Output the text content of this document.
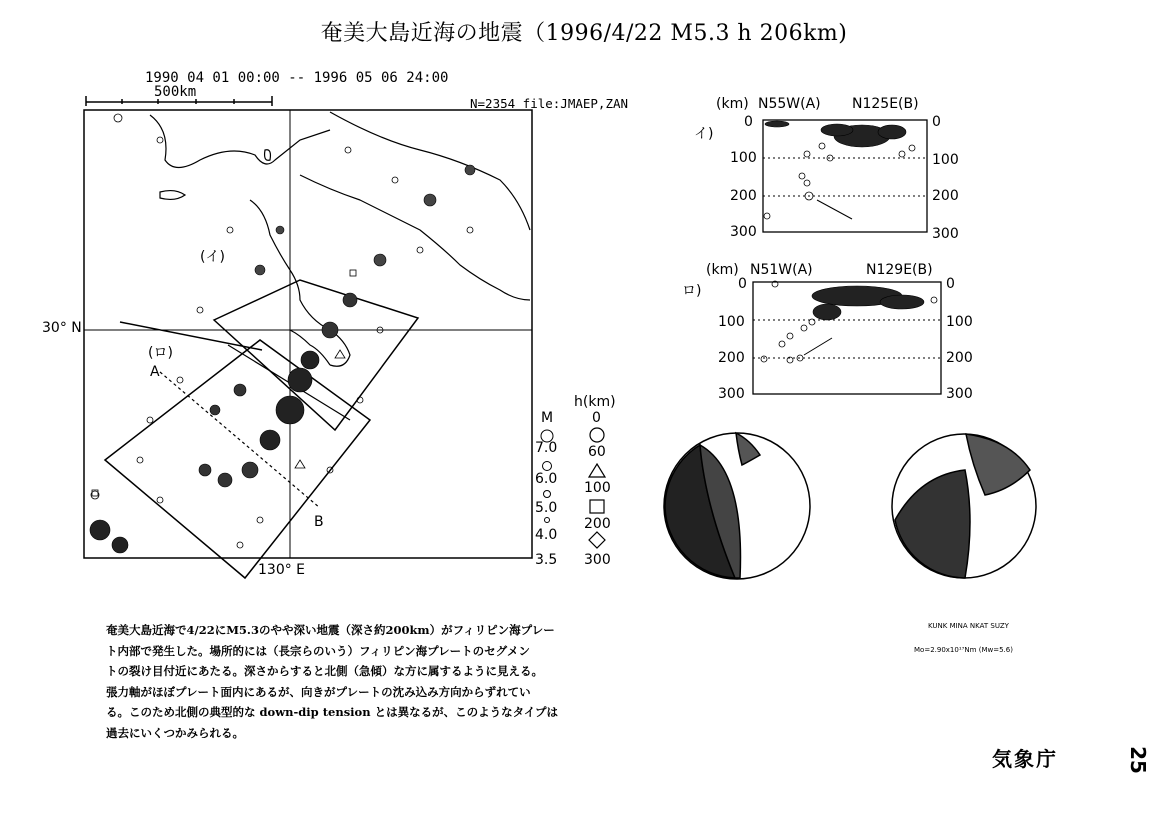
奄美大島近海の地震（1996/4/22 M5.3 h 206km)
1990 04 01 00:00 -- 1996 05 06 24:00
500km
N=2354 file:JMAEP,ZAN
30° N
130° E
(イ)
(ロ)
A
B
M
7.0
6.0
5.0
4.0
3.5
h(km)
0
60
100
200
300
(km) N55W(A) N125E(B)
イ)
0
100
200
300
0
100
200
300
(km) N51W(A)	N129E(B)
ロ)	0
100
200
300
0
100
200
300
KUNK MINA NKAT SUZY
Mo=2.90x10¹⁷Nm (Mw=5.6)
奄美大島近海で4/22にM5.3のやや深い地震（深さ約200km）がフィリピン海プレー
ト内部で発生した。場所的には（長宗らのいう）フィリピン海プレートのセグメン
トの裂け目付近にあたる。深さからすると北側（急傾）な方に属するように見える。
張力軸がほぼプレート面内にあるが、向きがプレートの沈み込み方向からずれてい
る。このため北側の典型的な down-dip tension とは異なるが、このようなタイプは
過去にいくつかみられる。
気象庁	25
